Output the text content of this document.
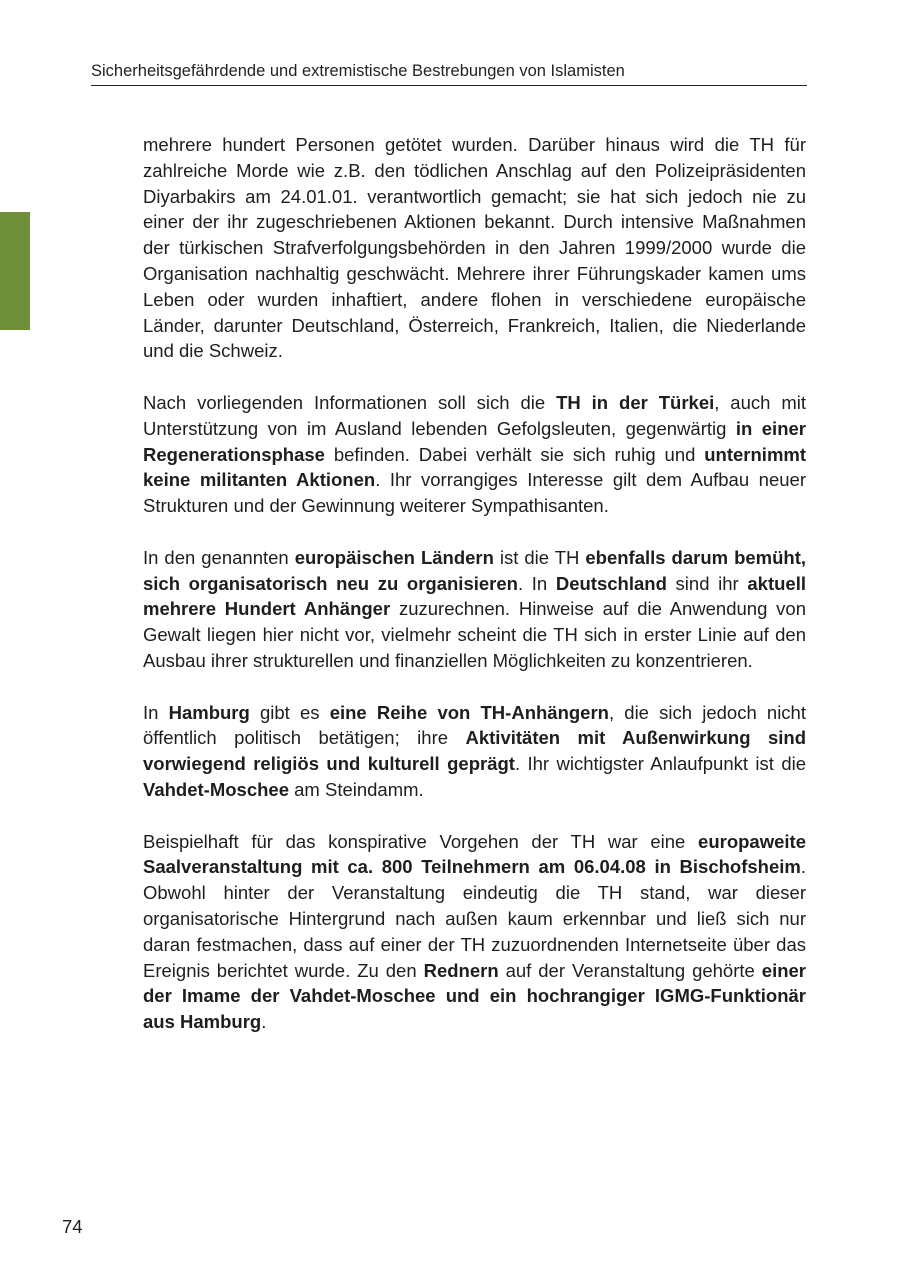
Sicherheitsgefährdende und extremistische Bestrebungen von Islamisten

mehrere hundert Personen getötet wurden. Darüber hinaus wird die TH für zahlreiche Morde wie z.B. den tödlichen Anschlag auf den Polizeipräsidenten Diyarbakirs am 24.01.01. verantwortlich gemacht; sie hat sich jedoch nie zu einer der ihr zugeschriebenen Aktionen bekannt. Durch intensive Maßnahmen der türkischen Strafverfolgungsbehörden in den Jahren 1999/2000 wurde die Organisation nachhaltig geschwächt. Mehrere ihrer Führungskader kamen ums Leben oder wurden inhaftiert, andere flohen in verschiedene europäische Länder, darunter Deutschland, Österreich, Frankreich, Italien, die Niederlande und die Schweiz.

Nach vorliegenden Informationen soll sich die TH in der Türkei, auch mit Unterstützung von im Ausland lebenden Gefolgsleuten, gegenwärtig in einer Regenerationsphase befinden. Dabei verhält sie sich ruhig und unternimmt keine militanten Aktionen. Ihr vorrangiges Interesse gilt dem Aufbau neuer Strukturen und der Gewinnung weiterer Sympathisanten.

In den genannten europäischen Ländern ist die TH ebenfalls darum bemüht, sich organisatorisch neu zu organisieren. In Deutschland sind ihr aktuell mehrere Hundert Anhänger zuzurechnen. Hinweise auf die Anwendung von Gewalt liegen hier nicht vor, vielmehr scheint die TH sich in erster Linie auf den Ausbau ihrer strukturellen und finanziellen Möglichkeiten zu konzentrieren.

In Hamburg gibt es eine Reihe von TH-Anhängern, die sich jedoch nicht öffentlich politisch betätigen; ihre Aktivitäten mit Außenwirkung sind vorwiegend religiös und kulturell geprägt. Ihr wichtigster Anlaufpunkt ist die Vahdet-Moschee am Steindamm.

Beispielhaft für das konspirative Vorgehen der TH war eine europaweite Saalveranstaltung mit ca. 800 Teilnehmern am 06.04.08 in Bischofsheim. Obwohl hinter der Veranstaltung eindeutig die TH stand, war dieser organisatorische Hintergrund nach außen kaum erkennbar und ließ sich nur daran festmachen, dass auf einer der TH zuzuordnenden Internetseite über das Ereignis berichtet wurde. Zu den Rednern auf der Veranstaltung gehörte einer der Imame der Vahdet-Moschee und ein hochrangiger IGMG-Funktionär aus Hamburg.

74
